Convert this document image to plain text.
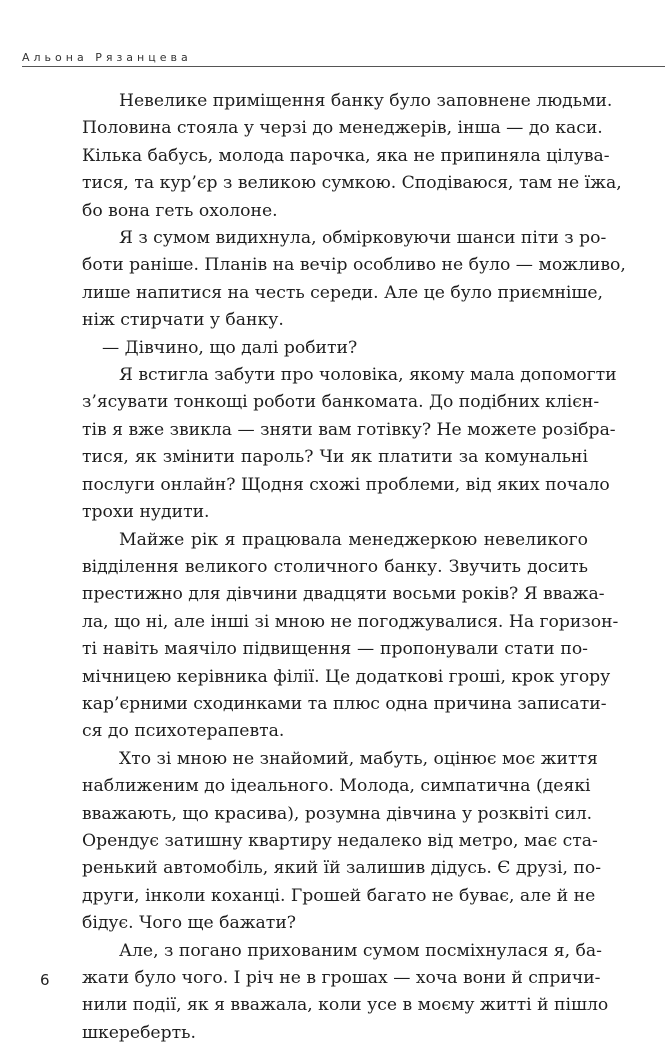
Альона Рязанцева
Невелике приміщення банку було заповнене людьми.
Половина стояла у черзі до менеджерів, інша — до каси.
Кілька бабусь, молода парочка, яка не припиняла цілува-
тися, та кур’єр з великою сумкою. Сподіваюся, там не їжа,
бо вона геть охолоне.
Я з сумом видихнула, обмірковуючи шанси піти з ро-
боти раніше. Планів на вечір особливо не було — можливо,
лише напитися на честь середи. Але це було приємніше,
ніж стирчати у банку.
— Дівчино, що далі робити?
Я встигла забути про чоловіка, якому мала допомогти
з’ясувати тонкощі роботи банкомата. До подібних клієн-
тів я вже звикла — зняти вам готівку? Не можете розібра-
тися, як змінити пароль? Чи як платити за комунальні
послуги онлайн? Щодня схожі проблеми, від яких почало
трохи нудити.
Майже рік я працювала менеджеркою невеликого
відділення великого столичного банку. Звучить досить
престижно для дівчини двадцяти восьми років? Я вважа-
ла, що ні, але інші зі мною не погоджувалися. На горизон-
ті навіть маячіло підвищення — пропонували стати по-
мічницею керівника філії. Це додаткові гроші, крок угору
кар’єрними сходинками та плюс одна причина записати-
ся до психотерапевта.
Хто зі мною не знайомий, мабуть, оцінює моє життя
наближеним до ідеального. Молода, симпатична (деякі
вважають, що красива), розумна дівчина у розквіті сил.
Орендує затишну квартиру недалеко від метро, має ста-
ренький автомобіль, який їй залишив дідусь. Є друзі, по-
други, інколи коханці. Грошей багато не буває, але й не
бідує. Чого ще бажати?
Але, з погано прихованим сумом посміхнулася я, ба-
жати було чого. І річ не в грошах — хоча вони й спричи-
нили події, як я вважала, коли усе в моєму житті й пішло
шкереберть.
6
